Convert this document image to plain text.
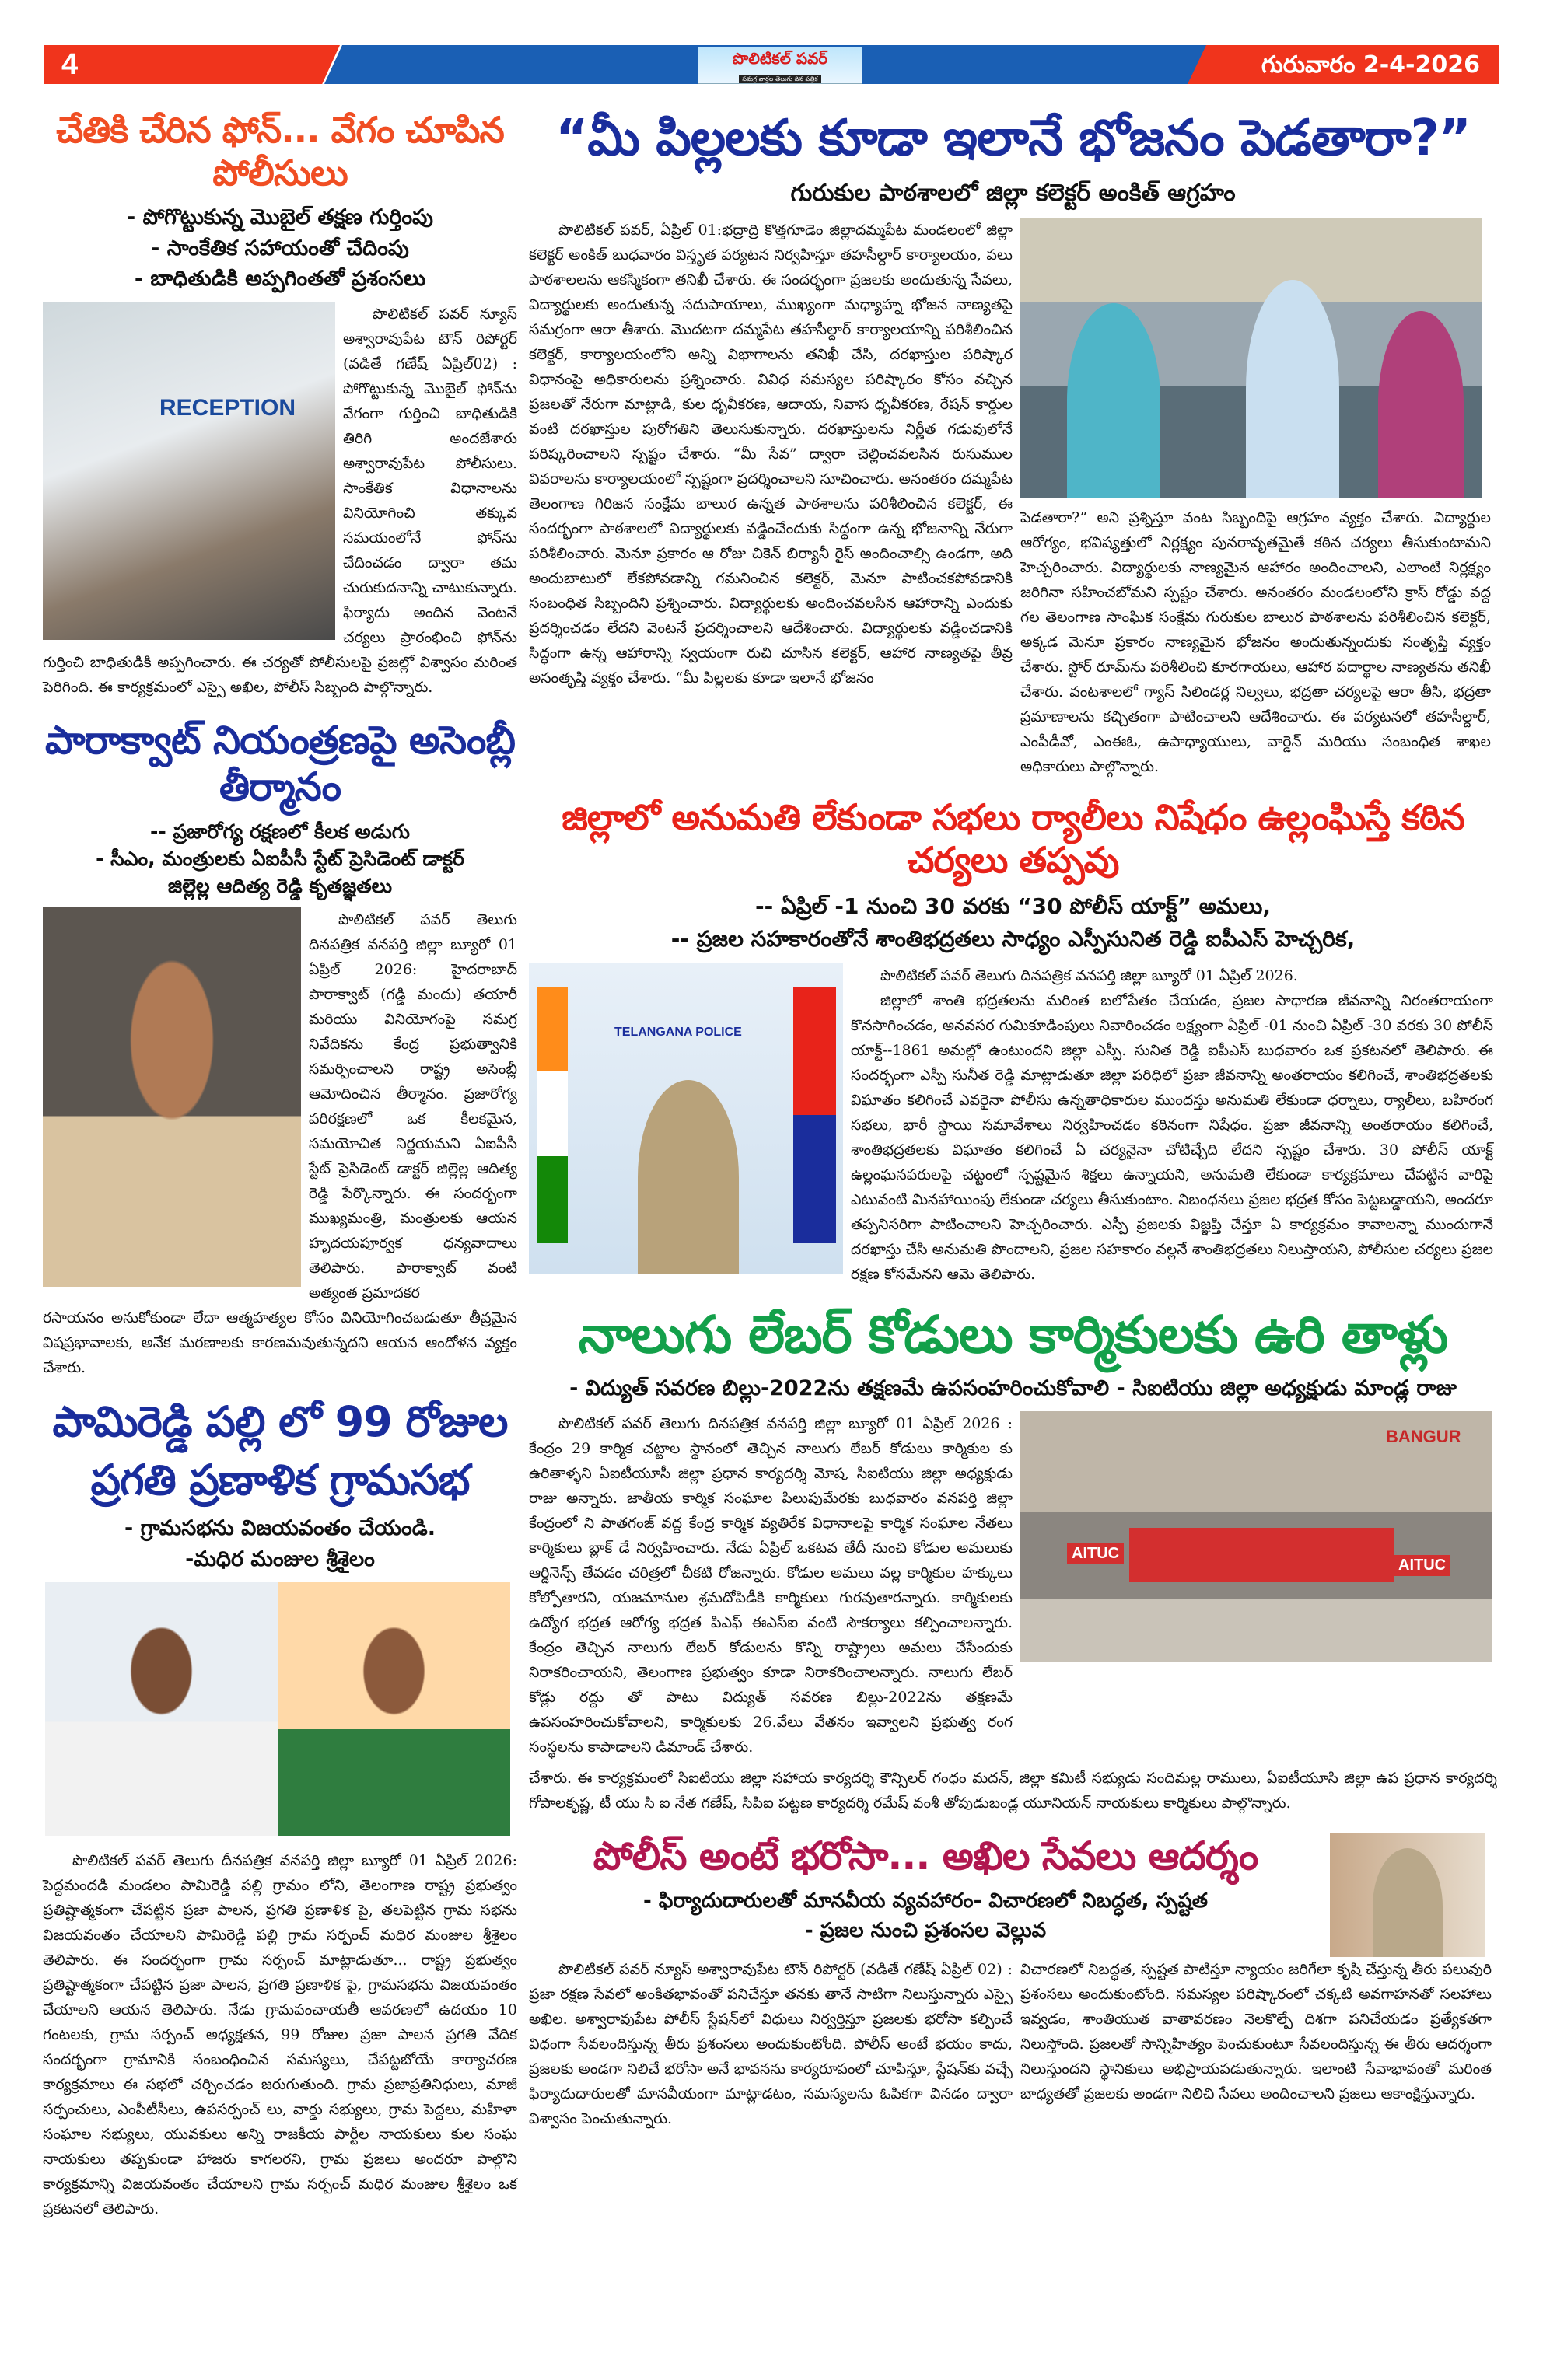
4	పొలిటికల్ పవర్
సమగ్ర వార్తల తెలుగు దిన పత్రిక
గురువారం 2-4-2026
చేతికి చేరిన ఫోన్... వేగం చూపిన పోలీసులు
- పోగొట్టుకున్న మొబైల్ తక్షణ గుర్తింపు
- సాంకేతిక సహాయంతో చేదింపు
- బాధితుడికి అప్పగింతతో ప్రశంసలు
RECEPTION

పొలిటికల్ పవర్ న్యూస్ అశ్వారావుపేట టౌన్ రిపోర్టర్ (వడితే గణేష్ ఏప్రిల్02) : పోగొట్టుకున్న మొబైల్ ఫోన్‌ను వేగంగా గుర్తించి బాధితుడికి తిరిగి అందజేశారు అశ్వారావుపేట పోలీసులు. సాంకేతిక విధానాలను వినియోగించి తక్కువ సమయంలోనే ఫోన్‌ను చేదించడం ద్వారా తమ చురుకుదనాన్ని చాటుకున్నారు. ఫిర్యాదు అందిన వెంటనే చర్యలు ప్రారంభించి ఫోన్‌ను గుర్తించి బాధితుడికి అప్పగించారు. ఈ చర్యతో పోలీసులపై ప్రజల్లో విశ్వాసం మరింత పెరిగింది. ఈ కార్యక్రమంలో ఎస్సై అఖిల, పోలీస్ సిబ్బంది పాల్గొన్నారు.

పారాక్వాట్ నియంత్రణపై అసెంబ్లీ తీర్మానం
-- ప్రజారోగ్య రక్షణలో కీలక అడుగు
- సీఎం, మంత్రులకు ఏఐపీసీ స్టేట్ ప్రెసిడెంట్ డాక్టర్
జిల్లెల్ల ఆదిత్య రెడ్డి కృతజ్ఞతలు

పొలిటికల్ పవర్ తెలుగు దినపత్రిక వనపర్తి జిల్లా బ్యూరో 01 ఏప్రిల్ 2026: హైదరాబాద్ పారాక్వాట్ (గడ్డి మందు) తయారీ మరియు వినియోగంపై సమగ్ర నివేదికను కేంద్ర ప్రభుత్వానికి సమర్పించాలని రాష్ట్ర అసెంబ్లీ ఆమోదించిన తీర్మానం. ప్రజారోగ్య పరిరక్షణలో ఒక కీలకమైన, సమయోచిత నిర్ణయమని ఏఐపీసీ స్టేట్ ప్రెసిడెంట్ డాక్టర్ జిల్లెల్ల ఆదిత్య రెడ్డి పేర్కొన్నారు. ఈ సందర్భంగా ముఖ్యమంత్రి, మంత్రులకు ఆయన హృదయపూర్వక ధన్యవాదాలు తెలిపారు. పారాక్వాట్ వంటి అత్యంత ప్రమాదకర

రసాయనం అనుకోకుండా లేదా ఆత్మహత్యల కోసం వినియోగించబడుతూ తీవ్రమైన విషప్రభావాలకు, అనేక మరణాలకు కారణమవుతున్నదని ఆయన ఆందోళన వ్యక్తం చేశారు.

పామిరెడ్డి పల్లి లో 99 రోజుల
ప్రగతి ప్రణాళిక గ్రామసభ
- గ్రామసభను విజయవంతం చేయండి.
-మధిర మంజుల శ్రీశైలం

పొలిటికల్ పవర్ తెలుగు దీనపత్రిక వనపర్తి జిల్లా బ్యూరో 01 ఏప్రిల్ 2026: పెద్దమందడి మండలం పామిరెడ్డి పల్లి గ్రామం లోని, తెలంగాణ రాష్ట్ర ప్రభుత్వం ప్రతిష్టాత్మకంగా చేపట్టిన ప్రజా పాలన, ప్రగతి ప్రణాళిక పై, తలపెట్టిన గ్రామ సభను విజయవంతం చేయాలని పామిరెడ్డి పల్లి గ్రామ సర్పంచ్ మధిర మంజుల శ్రీశైలం తెలిపారు. ఈ సందర్భంగా గ్రామ సర్పంచ్ మాట్లాడుతూ... రాష్ట్ర ప్రభుత్వం ప్రతిష్టాత్మకంగా చేపట్టిన ప్రజా పాలన, ప్రగతి ప్రణాళిక పై, గ్రామసభను విజయవంతం చేయాలని ఆయన తెలిపారు. నేడు గ్రామపంచాయతీ ఆవరణలో ఉదయం 10 గంటలకు, గ్రామ సర్పంచ్ అధ్యక్షతన, 99 రోజుల ప్రజా పాలన ప్రగతి వేదిక సందర్భంగా గ్రామానికి సంబంధించిన సమస్యలు, చేపట్టబోయే కార్యాచరణ కార్యక్రమాలు ఈ సభలో చర్చించడం జరుగుతుంది. గ్రామ ప్రజాప్రతినిధులు, మాజీ సర్పంచులు, ఎంపీటీసీలు, ఉపసర్పంచ్ లు, వార్డు సభ్యులు, గ్రామ పెద్దలు, మహిళా సంఘాల సభ్యులు, యువకులు అన్ని రాజకీయ పార్టీల నాయకులు కుల సంఘ నాయకులు తప్పకుండా హాజరు కాగలరని, గ్రామ ప్రజలు అందరూ పాల్గొని కార్యక్రమాన్ని విజయవంతం చేయాలని గ్రామ సర్పంచ్ మధిర మంజుల శ్రీశైలం ఒక ప్రకటనలో తెలిపారు.

“మీ పిల్లలకు కూడా ఇలానే భోజనం పెడతారా?”
గురుకుల పాఠశాలలో జిల్లా కలెక్టర్ అంకిత్ ఆగ్రహం

పొలిటికల్ పవర్, ఏప్రిల్ 01:భద్రాద్రి కొత్తగూడెం జిల్లాదమ్మపేట మండలంలో జిల్లా కలెక్టర్ అంకిత్ బుధవారం విస్తృత పర్యటన నిర్వహిస్తూ తహసీల్దార్ కార్యాలయం, పలు పాఠశాలలను ఆకస్మికంగా తనిఖీ చేశారు. ఈ సందర్భంగా ప్రజలకు అందుతున్న సేవలు, విద్యార్థులకు అందుతున్న సదుపాయాలు, ముఖ్యంగా మధ్యాహ్న భోజన నాణ్యతపై సమగ్రంగా ఆరా తీశారు. మొదటగా దమ్మపేట తహసీల్దార్ కార్యాలయాన్ని పరిశీలించిన కలెక్టర్, కార్యాలయంలోని అన్ని విభాగాలను తనిఖీ చేసి, దరఖాస్తుల పరిష్కార విధానంపై అధికారులను ప్రశ్నించారు. వివిధ సమస్యల పరిష్కారం కోసం వచ్చిన ప్రజలతో నేరుగా మాట్లాడి, కుల ధృవీకరణ, ఆదాయ, నివాస ధృవీకరణ, రేషన్ కార్డుల వంటి దరఖాస్తుల పురోగతిని తెలుసుకున్నారు. దరఖాస్తులను నిర్ణీత గడువులోనే పరిష్కరించాలని స్పష్టం చేశారు. “మీ సేవ” ద్వారా చెల్లించవలసిన రుసుముల వివరాలను కార్యాలయంలో స్పష్టంగా ప్రదర్శించాలని సూచించారు. అనంతరం దమ్మపేట తెలంగాణ గిరిజన సంక్షేమ బాలుర ఉన్నత పాఠశాలను పరిశీలించిన కలెక్టర్, ఈ సందర్భంగా పాఠశాలలో విద్యార్థులకు వడ్డించేందుకు సిద్ధంగా ఉన్న భోజనాన్ని నేరుగా పరిశీలించారు. మెనూ ప్రకారం ఆ రోజు చికెన్ బిర్యానీ రైస్ అందించాల్సి ఉండగా, అది అందుబాటులో లేకపోవడాన్ని గమనించిన కలెక్టర్, మెనూ పాటించకపోవడానికి సంబంధిత సిబ్బందిని ప్రశ్నించారు. విద్యార్థులకు అందించవలసిన ఆహారాన్ని ఎందుకు ప్రదర్శించడం లేదని వెంటనే ప్రదర్శించాలని ఆదేశించారు. విద్యార్థులకు వడ్డించడానికి సిద్ధంగా ఉన్న ఆహారాన్ని స్వయంగా రుచి చూసిన కలెక్టర్, ఆహార నాణ్యతపై తీవ్ర అసంతృప్తి వ్యక్తం చేశారు. “మీ పిల్లలకు కూడా ఇలానే భోజనం

పెడతారా?” అని ప్రశ్నిస్తూ వంట సిబ్బందిపై ఆగ్రహం వ్యక్తం చేశారు. విద్యార్థుల ఆరోగ్యం, భవిష్యత్తులో నిర్లక్ష్యం పునరావృతమైతే కఠిన చర్యలు తీసుకుంటామని హెచ్చరించారు. విద్యార్థులకు నాణ్యమైన ఆహారం అందించాలని, ఎలాంటి నిర్లక్ష్యం జరిగినా సహించబోమని స్పష్టం చేశారు. అనంతరం మండలంలోని క్రాస్ రోడ్డు వద్ద గల తెలంగాణ సాంఘిక సంక్షేమ గురుకుల బాలుర పాఠశాలను పరిశీలించిన కలెక్టర్, అక్కడ మెనూ ప్రకారం నాణ్యమైన భోజనం అందుతున్నందుకు సంతృప్తి వ్యక్తం చేశారు. స్టోర్ రూమ్‌ను పరిశీలించి కూరగాయలు, ఆహార పదార్థాల నాణ్యతను తనిఖీ చేశారు. వంటశాలలో గ్యాస్ సిలిండర్ల నిల్వలు, భద్రతా చర్యలపై ఆరా తీసి, భద్రతా ప్రమాణాలను కచ్చితంగా పాటించాలని ఆదేశించారు. ఈ పర్యటనలో తహసీల్దార్, ఎంపీడీవో, ఎంఈఓ, ఉపాధ్యాయులు, వార్డెన్ మరియు సంబంధిత శాఖల అధికారులు పాల్గొన్నారు.

జిల్లాలో అనుమతి లేకుండా సభలు ర్యాలీలు నిషేధం ఉల్లంఘిస్తే కఠిన చర్యలు తప్పవు
-- ఏప్రిల్ -1 నుంచి 30 వరకు “30 పోలీస్ యాక్ట్” అమలు,
-- ప్రజల సహకారంతోనే శాంతిభద్రతలు సాధ్యం ఎస్పీసునిత రెడ్డి ఐపీఎస్ హెచ్చరిక,
TELANGANA POLICE

పొలిటికల్ పవర్ తెలుగు దినపత్రిక వనపర్తి జిల్లా బ్యూరో 01 ఏప్రిల్ 2026.

జిల్లాలో శాంతి భద్రతలను మరింత బలోపేతం చేయడం, ప్రజల సాధారణ జీవనాన్ని నిరంతరాయంగా కొనసాగించడం, అనవసర గుమికూడింపులు నివారించడం లక్ష్యంగా ఏప్రిల్ -01 నుంచి ఏప్రిల్ -30 వరకు 30 పోలీస్ యాక్ట్--1861 అమల్లో ఉంటుందని జిల్లా ఎస్పీ. సునిత రెడ్డి ఐపీఎస్ బుధవారం ఒక ప్రకటనలో తెలిపారు. ఈ సందర్భంగా ఎస్పీ సునీత రెడ్డి మాట్లాడుతూ జిల్లా పరిధిలో ప్రజా జీవనాన్ని అంతరాయం కలిగించే, శాంతిభద్రతలకు విఘాతం కలిగించే ఎవరైనా పోలీసు ఉన్నతాధికారుల ముందస్తు అనుమతి లేకుండా ధర్నాలు, ర్యాలీలు, బహిరంగ సభలు, భారీ స్థాయి సమావేశాలు నిర్వహించడం కఠినంగా నిషేధం. ప్రజా జీవనాన్ని అంతరాయం కలిగించే, శాంతిభద్రతలకు విఘాతం కలిగించే ఏ చర్యనైనా చోటిచ్చేది లేదని స్పష్టం చేశారు. 30 పోలీస్ యాక్ట్ ఉల్లంఘనపరులపై చట్టంలో స్పష్టమైన శిక్షలు ఉన్నాయని, అనుమతి లేకుండా కార్యక్రమాలు చేపట్టిన వారిపై ఎటువంటి మినహాయింపు లేకుండా చర్యలు తీసుకుంటాం. నిబంధనలు ప్రజల భద్రత కోసం పెట్టబడ్డాయని, అందరూ తప్పనిసరిగా పాటించాలని హెచ్చరించారు. ఎస్పీ ప్రజలకు విజ్ఞప్తి చేస్తూ ఏ కార్యక్రమం కావాలన్నా ముందుగానే దరఖాస్తు చేసి అనుమతి పొందాలని, ప్రజల సహకారం వల్లనే శాంతిభద్రతలు నిలుస్తాయని, పోలీసుల చర్యలు ప్రజల రక్షణ కోసమేనని ఆమె తెలిపారు.

నాలుగు లేబర్ కోడులు కార్మికులకు ఉరి తాళ్లు
- విద్యుత్ సవరణ బిల్లు-2022ను తక్షణమే ఉపసంహరించుకోవాలి - సిఐటియు జిల్లా అధ్యక్షుడు మాండ్ల రాజు

పొలిటికల్ పవర్ తెలుగు దినపత్రిక వనపర్తి జిల్లా బ్యూరో 01 ఏప్రిల్ 2026 : కేంద్రం 29 కార్మిక చట్టాల స్థానంలో తెచ్చిన నాలుగు లేబర్ కోడులు కార్మికుల కు ఉరితాళ్ళని ఏఐటీయూసీ జిల్లా ప్రధాన కార్యదర్శి మోష, సిఐటియు జిల్లా అధ్యక్షుడు రాజు అన్నారు. జాతీయ కార్మిక సంఘాల పిలుపుమేరకు బుధవారం వనపర్తి జిల్లా కేంద్రంలో ని పాతగంజ్ వద్ద కేంద్ర కార్మిక వ్యతిరేక విధానాలపై కార్మిక సంఘాల నేతలు కార్మికులు బ్లాక్ డే నిర్వహించారు. నేడు ఏప్రిల్ ఒకటవ తేదీ నుంచి కోడుల అమలుకు ఆర్డినెన్స్ తేవడం చరిత్రలో చీకటి రోజన్నారు. కోడుల అమలు వల్ల కార్మికుల హక్కులు కోల్పోతారని, యజమానుల శ్రమదోపిడీకి కార్మికులు గురవుతారన్నారు. కార్మికులకు ఉద్యోగ భద్రత ఆరోగ్య భద్రత పిఎఫ్ ఈఎస్ఐ వంటి సౌకర్యాలు కల్పించాలన్నారు. కేంద్రం తెచ్చిన నాలుగు లేబర్ కోడులను కొన్ని రాష్ట్రాలు అమలు చేసేందుకు నిరాకరించాయని, తెలంగాణ ప్రభుత్వం కూడా నిరాకరించాలన్నారు. నాలుగు లేబర్ కోడ్లు రద్దు తో పాటు విద్యుత్ సవరణ బిల్లు-2022ను తక్షణమే ఉపసంహరించుకోవాలని, కార్మికులకు 26.వేలు వేతనం ఇవ్వాలని ప్రభుత్వ రంగ సంస్థలను కాపాడాలని డిమాండ్ చేశారు.

BANGUR
AITUC
AITUC

చేశారు. ఈ కార్యక్రమంలో సిఐటియు జిల్లా సహాయ కార్యదర్శి కౌన్సిలర్ గంధం మదన్, జిల్లా కమిటీ సభ్యుడు సందిమల్ల రాములు, ఏఐటీయూసి జిల్లా ఉప ప్రధాన కార్యదర్శి గోపాలకృష్ణ, టీ యు సి ఐ నేత గణేష్, సిపిఐ పట్టణ కార్యదర్శి రమేష్ వంశీ తోపుడుబండ్ల యూనియన్ నాయకులు కార్మికులు పాల్గొన్నారు.

పోలీస్ అంటే భరోసా... అఖిల సేవలు ఆదర్శం
- ఫిర్యాదుదారులతో మానవీయ వ్యవహారం- విచారణలో నిబద్ధత, స్పష్టత
- ప్రజల నుంచి ప్రశంసల వెల్లువ

పొలిటికల్ పవర్ న్యూస్ అశ్వారావుపేట టౌన్ రిపోర్టర్ (వడితే గణేష్ ఏప్రిల్ 02) : ప్రజా రక్షణ సేవలో అంకితభావంతో పనిచేస్తూ తనకు తానే సాటిగా నిలుస్తున్నారు ఎస్సై అఖిల. అశ్వారావుపేట పోలీస్ స్టేషన్‌లో విధులు నిర్వర్తిస్తూ ప్రజలకు భరోసా కల్పించే విధంగా సేవలందిస్తున్న తీరు ప్రశంసలు అందుకుంటోంది. పోలీస్ అంటే భయం కాదు, ప్రజలకు అండగా నిలిచే భరోసా అనే భావనను కార్యరూపంలో చూపిస్తూ, స్టేషన్‌కు వచ్చే ఫిర్యాదుదారులతో మానవీయంగా మాట్లాడటం, సమస్యలను ఓపికగా వినడం ద్వారా విశ్వాసం పెంచుతున్నారు.

విచారణలో నిబద్ధత, స్పష్టత పాటిస్తూ న్యాయం జరిగేలా కృషి చేస్తున్న తీరు పలువురి ప్రశంసలు అందుకుంటోంది. సమస్యల పరిష్కారంలో చక్కటి అవగాహనతో సలహాలు ఇవ్వడం, శాంతియుత వాతావరణం నెలకొల్పే దిశగా పనిచేయడం ప్రత్యేకతగా నిలుస్తోంది. ప్రజలతో సాన్నిహిత్యం పెంచుకుంటూ సేవలందిస్తున్న ఈ తీరు ఆదర్శంగా నిలుస్తుందని స్థానికులు అభిప్రాయపడుతున్నారు. ఇలాంటి సేవాభావంతో మరింత బాధ్యతతో ప్రజలకు అండగా నిలిచి సేవలు అందించాలని ప్రజలు ఆకాంక్షిస్తున్నారు.
